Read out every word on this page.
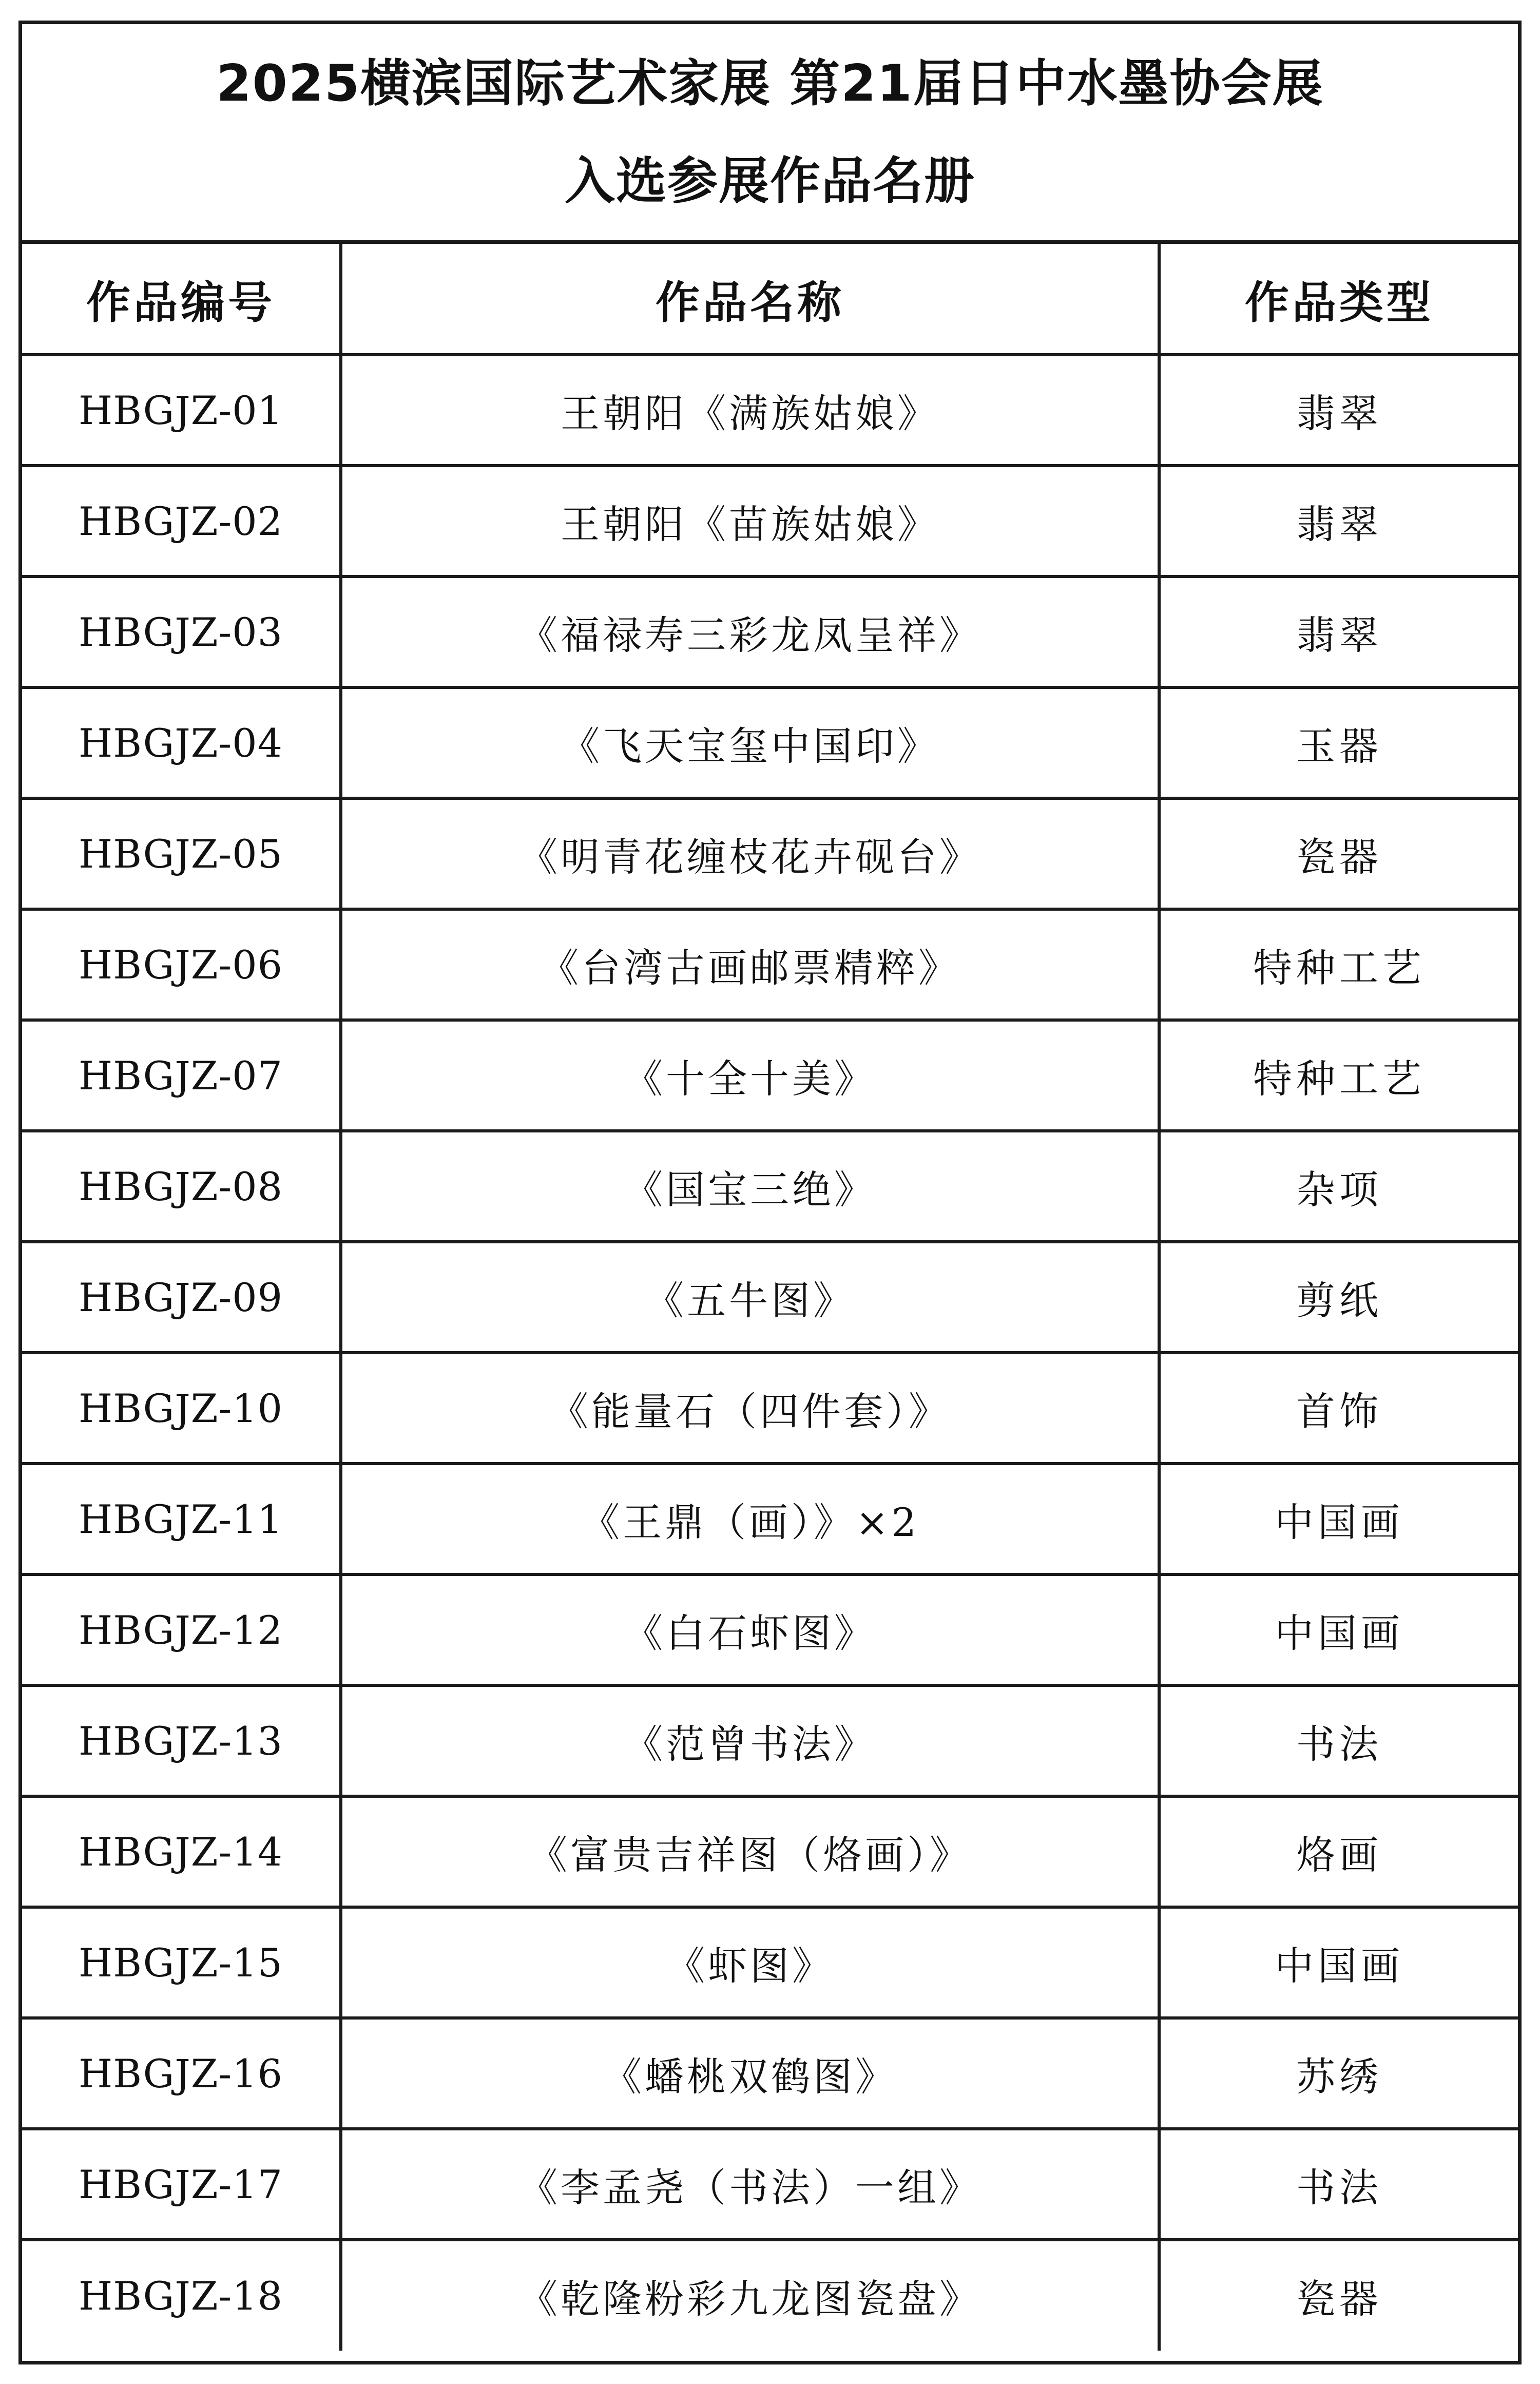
2025横滨国际艺术家展 第21届日中水墨协会展
入选参展作品名册
作品编号	作品名称	作品类型
HBGJZ-01	王朝阳《满族姑娘》	翡翠
HBGJZ-02	王朝阳《苗族姑娘》	翡翠
HBGJZ-03	《福禄寿三彩龙凤呈祥》	翡翠
HBGJZ-04	《飞天宝玺中国印》	玉器
HBGJZ-05	《明青花缠枝花卉砚台》	瓷器
HBGJZ-06	《台湾古画邮票精粹》	特种工艺
HBGJZ-07	《十全十美》	特种工艺
HBGJZ-08	《国宝三绝》	杂项
HBGJZ-09	《五牛图》	剪纸
HBGJZ-10	《能量石（四件套）》	首饰
HBGJZ-11	《王鼎（画）》×2	中国画
HBGJZ-12	《白石虾图》	中国画
HBGJZ-13	《范曾书法》	书法
HBGJZ-14	《富贵吉祥图（烙画）》	烙画
HBGJZ-15	《虾图》	中国画
HBGJZ-16	《蟠桃双鹤图》	苏绣
HBGJZ-17	《李孟尧（书法）一组》	书法
HBGJZ-18	《乾隆粉彩九龙图瓷盘》	瓷器
